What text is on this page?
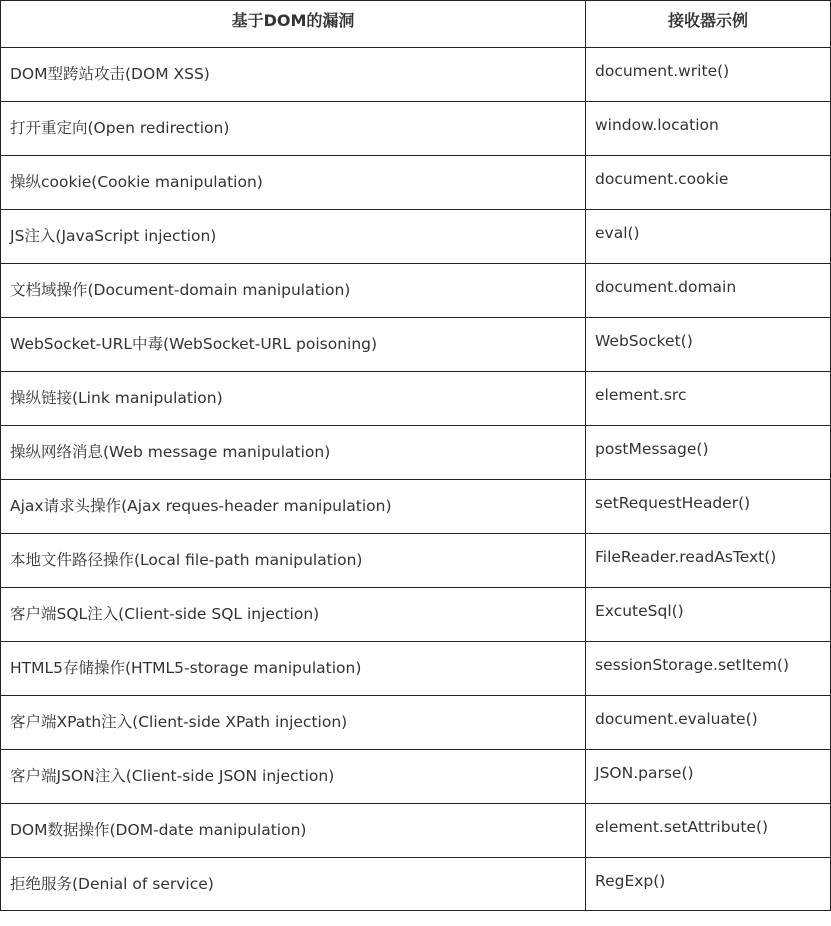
基于DOM的漏洞	接收器示例
DOM型跨站攻击(DOM XSS)	document.write()
打开重定向(Open redirection)	window.location
操纵cookie(Cookie manipulation)	document.cookie
JS注入(JavaScript injection)	eval()
文档域操作(Document-domain manipulation)	document.domain
WebSocket-URL中毒(WebSocket-URL poisoning)	WebSocket()
操纵链接(Link manipulation)	element.src
操纵网络消息(Web message manipulation)	postMessage()
Ajax请求头操作(Ajax reques-header manipulation)	setRequestHeader()
本地文件路径操作(Local file-path manipulation)	FileReader.readAsText()
客户端SQL注入(Client-side SQL injection)	ExcuteSql()
HTML5存储操作(HTML5-storage manipulation)	sessionStorage.setItem()
客户端XPath注入(Client-side XPath injection)	document.evaluate()
客户端JSON注入(Client-side JSON injection)	JSON.parse()
DOM数据操作(DOM-date manipulation)	element.setAttribute()
拒绝服务(Denial of service)	RegExp()
